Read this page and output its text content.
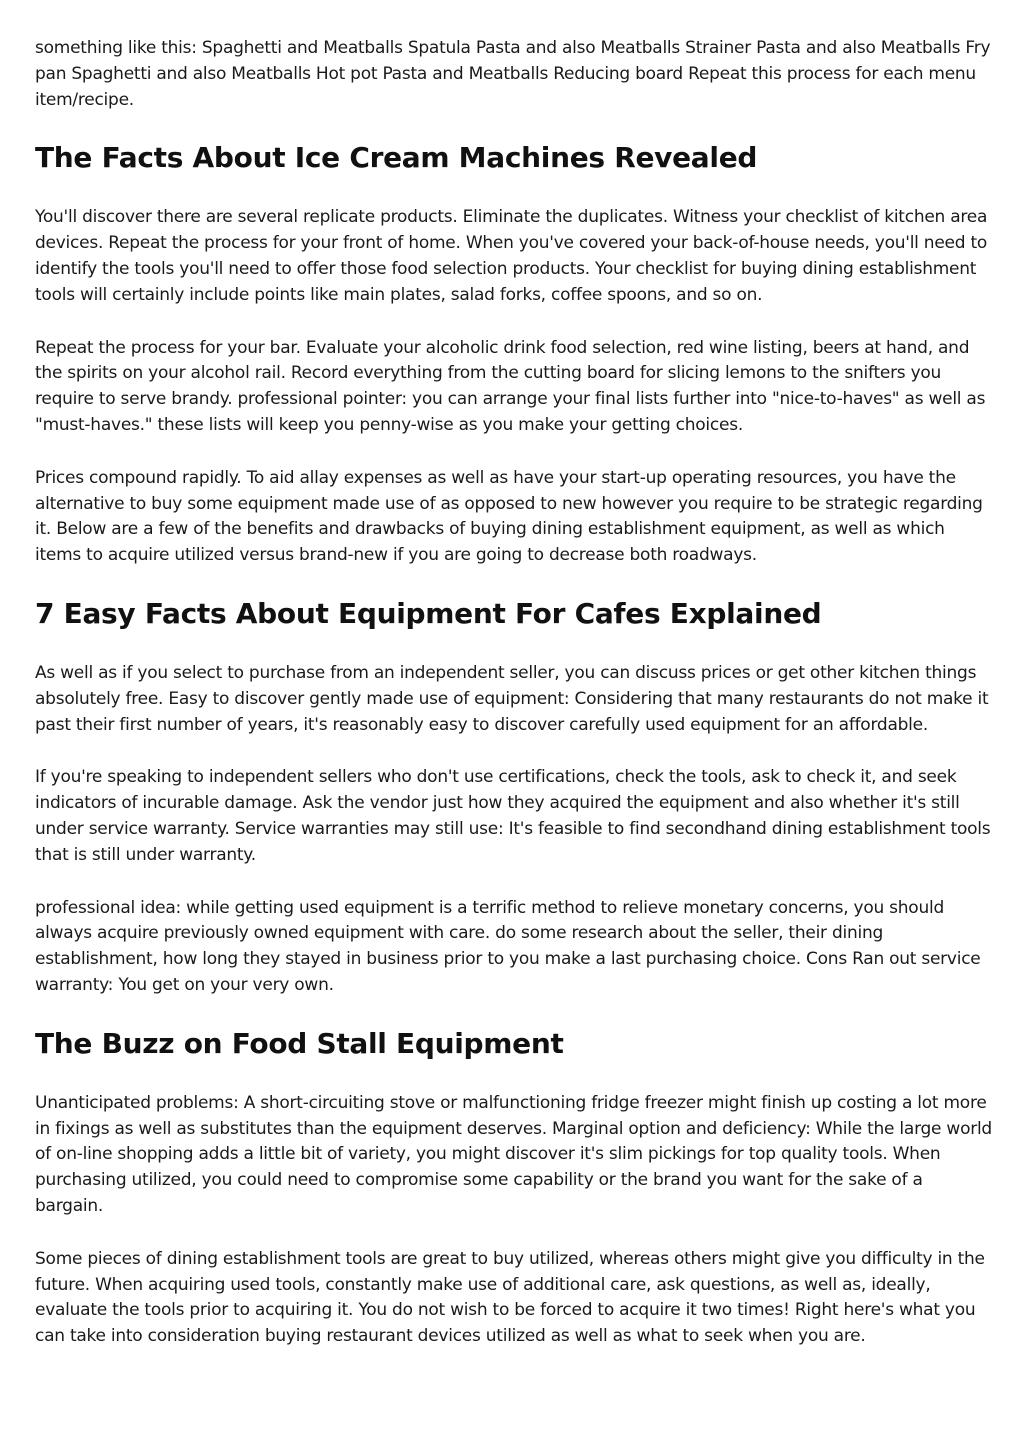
something like this: Spaghetti and Meatballs Spatula Pasta and also Meatballs Strainer Pasta and also Meatballs Fry pan Spaghetti and also Meatballs Hot pot Pasta and Meatballs Reducing board Repeat this process for each menu item/recipe.

The Facts About Ice Cream Machines Revealed

You'll discover there are several replicate products. Eliminate the duplicates. Witness your checklist of kitchen area devices. Repeat the process for your front of home. When you've covered your back-of-house needs, you'll need to identify the tools you'll need to offer those food selection products. Your checklist for buying dining establishment tools will certainly include points like main plates, salad forks, coffee spoons, and so on.

Repeat the process for your bar. Evaluate your alcoholic drink food selection, red wine listing, beers at hand, and the spirits on your alcohol rail. Record everything from the cutting board for slicing lemons to the snifters you require to serve brandy. professional pointer: you can arrange your final lists further into "nice-to-haves" as well as "must-haves." these lists will keep you penny-wise as you make your getting choices.

Prices compound rapidly. To aid allay expenses as well as have your start-up operating resources, you have the alternative to buy some equipment made use of as opposed to new however you require to be strategic regarding it. Below are a few of the benefits and drawbacks of buying dining establishment equipment, as well as which items to acquire utilized versus brand-new if you are going to decrease both roadways.

7 Easy Facts About Equipment For Cafes Explained

As well as if you select to purchase from an independent seller, you can discuss prices or get other kitchen things absolutely free. Easy to discover gently made use of equipment: Considering that many restaurants do not make it past their first number of years, it's reasonably easy to discover carefully used equipment for an affordable.

If you're speaking to independent sellers who don't use certifications, check the tools, ask to check it, and seek indicators of incurable damage. Ask the vendor just how they acquired the equipment and also whether it's still under service warranty. Service warranties may still use: It's feasible to find secondhand dining establishment tools that is still under warranty.

professional idea: while getting used equipment is a terrific method to relieve monetary concerns, you should always acquire previously owned equipment with care. do some research about the seller, their dining establishment, how long they stayed in business prior to you make a last purchasing choice. Cons Ran out service warranty: You get on your very own.

The Buzz on Food Stall Equipment

Unanticipated problems: A short-circuiting stove or malfunctioning fridge freezer might finish up costing a lot more in fixings as well as substitutes than the equipment deserves. Marginal option and deficiency: While the large world of on-line shopping adds a little bit of variety, you might discover it's slim pickings for top quality tools. When purchasing utilized, you could need to compromise some capability or the brand you want for the sake of a bargain.

Some pieces of dining establishment tools are great to buy utilized, whereas others might give you difficulty in the future. When acquiring used tools, constantly make use of additional care, ask questions, as well as, ideally, evaluate the tools prior to acquiring it. You do not wish to be forced to acquire it two times! Right here's what you can take into consideration buying restaurant devices utilized as well as what to seek when you are.
